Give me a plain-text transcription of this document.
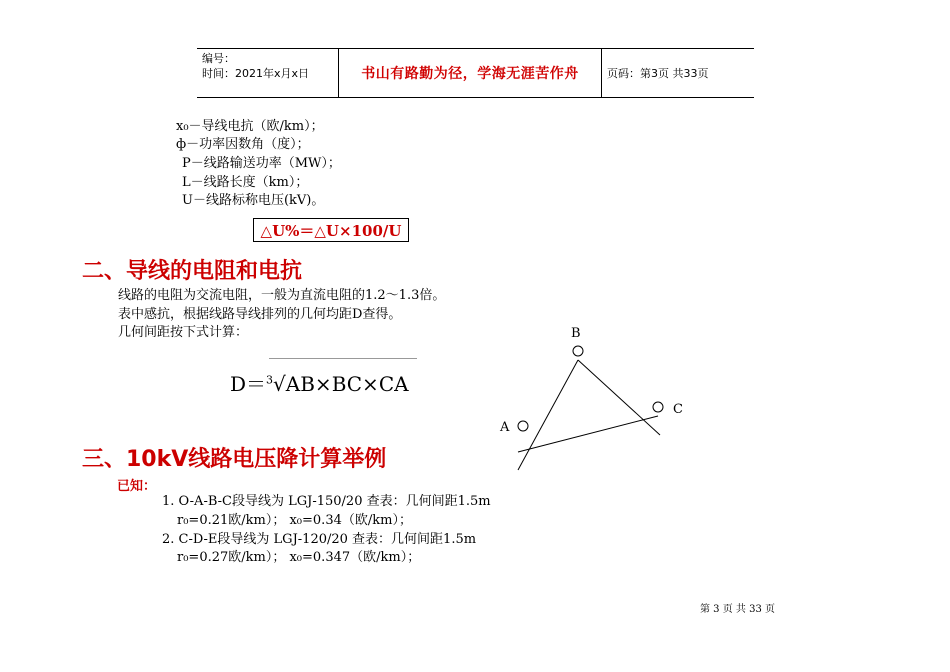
编号：
时间：2021年x月x日	书山有路勤为径，学海无涯苦作舟	页码：第3页 共33页
x₀－导线电抗（欧/km）；
ф－功率因数角（度）；
P－线路输送功率（MW）；
L－线路长度（km）；
U－线路标称电压(kV)。
△U%＝△U×100/U
二、导线的电阻和电抗
线路的电阻为交流电阻，一般为直流电阻的1.2～1.3倍。
表中感抗，根据线路导线排列的几何均距D查得。
几何间距按下式计算：
D＝$^3$√AB×BC×CA
B
C
A
三、10kV线路电压降计算举例
已知：
1. O-A-B-C段导线为 LGJ-150/20 查表：几何间距1.5m
r₀=0.21欧/km）； x₀=0.34（欧/km）；
2. C-D-E段导线为 LGJ-120/20 查表：几何间距1.5m
r₀=0.27欧/km）； x₀=0.347（欧/km）；
第 3 页 共 33 页
